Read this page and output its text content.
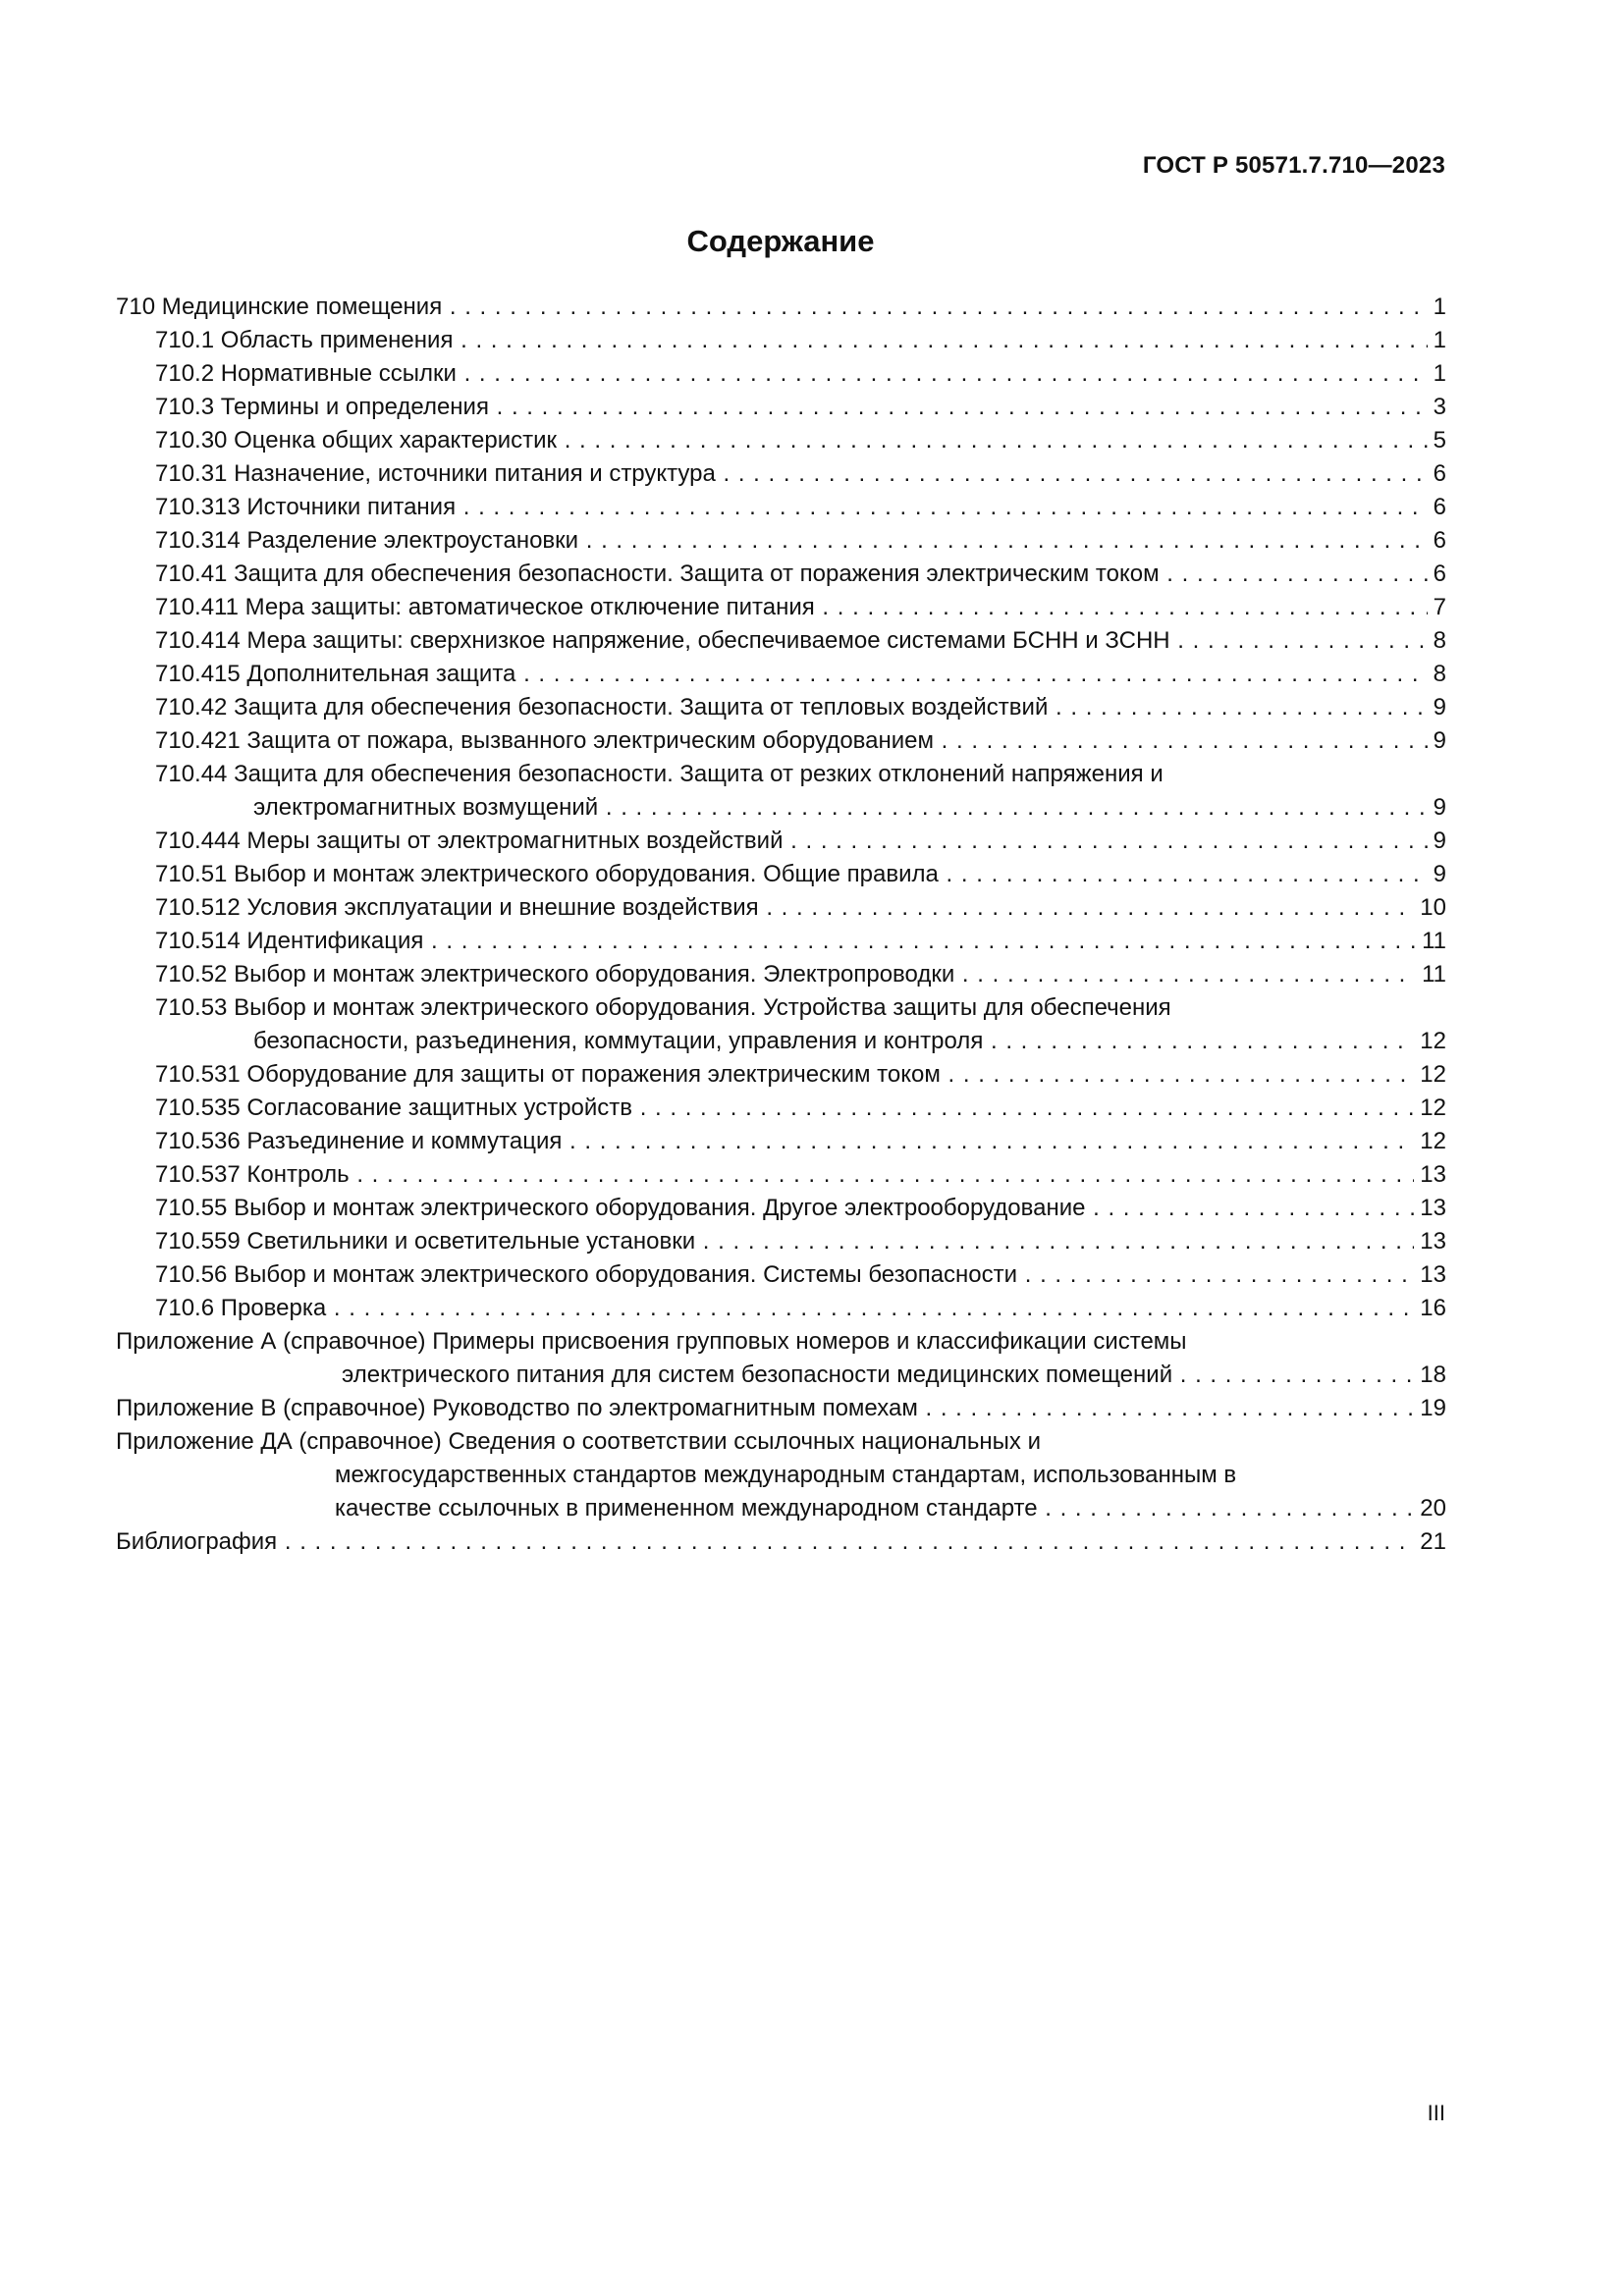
ГОСТ Р 50571.7.710—2023
Содержание
710 Медицинские помещения . . .	1
710.1 Область применения . . .	1
710.2 Нормативные ссылки . . .	1
710.3 Термины и определения . . .	3
710.30 Оценка общих характеристик . . .	5
710.31 Назначение, источники питания и структура . . .	6
710.313 Источники питания . . .	6
710.314 Разделение электроустановки . . .	6
710.41 Защита для обеспечения безопасности. Защита от поражения электрическим током . . .	6
710.411 Мера защиты: автоматическое отключение питания . . .	7
710.414 Мера защиты: сверхнизкое напряжение, обеспечиваемое системами БСНН и ЗСНН . . .	8
710.415 Дополнительная защита . . .	8
710.42 Защита для обеспечения безопасности. Защита от тепловых воздействий . . .	9
710.421 Защита от пожара, вызванного электрическим оборудованием . . .	9
710.44 Защита для обеспечения безопасности. Защита от резких отклонений напряжения и
электромагнитных возмущений . . .	9
710.444 Меры защиты от электромагнитных воздействий . . .	9
710.51 Выбор и монтаж электрического оборудования. Общие правила . . .	9
710.512 Условия эксплуатации и внешние воздействия . . .	10
710.514 Идентификация . . .	11
710.52 Выбор и монтаж электрического оборудования. Электропроводки . . .	11
710.53 Выбор и монтаж электрического оборудования. Устройства защиты для обеспечения
безопасности, разъединения, коммутации, управления и контроля . . .	12
710.531 Оборудование для защиты от поражения электрическим током . . .	12
710.535 Согласование защитных устройств . . .	12
710.536 Разъединение и коммутация . . .	12
710.537 Контроль . . .	13
710.55 Выбор и монтаж электрического оборудования. Другое электрооборудование . . .	13
710.559 Светильники и осветительные установки . . .	13
710.56 Выбор и монтаж электрического оборудования. Системы безопасности . . .	13
710.6 Проверка . . .	16
Приложение А (справочное) Примеры присвоения групповых номеров и классификации системы
электрического питания для систем безопасности медицинских помещений . . .	18
Приложение В (справочное) Руководство по электромагнитным помехам . . .	19
Приложение ДА (справочное) Сведения о соответствии ссылочных национальных и
межгосударственных стандартов международным стандартам, использованным в
качестве ссылочных в примененном международном стандарте . . .	20
Библиография . . .	21
III
